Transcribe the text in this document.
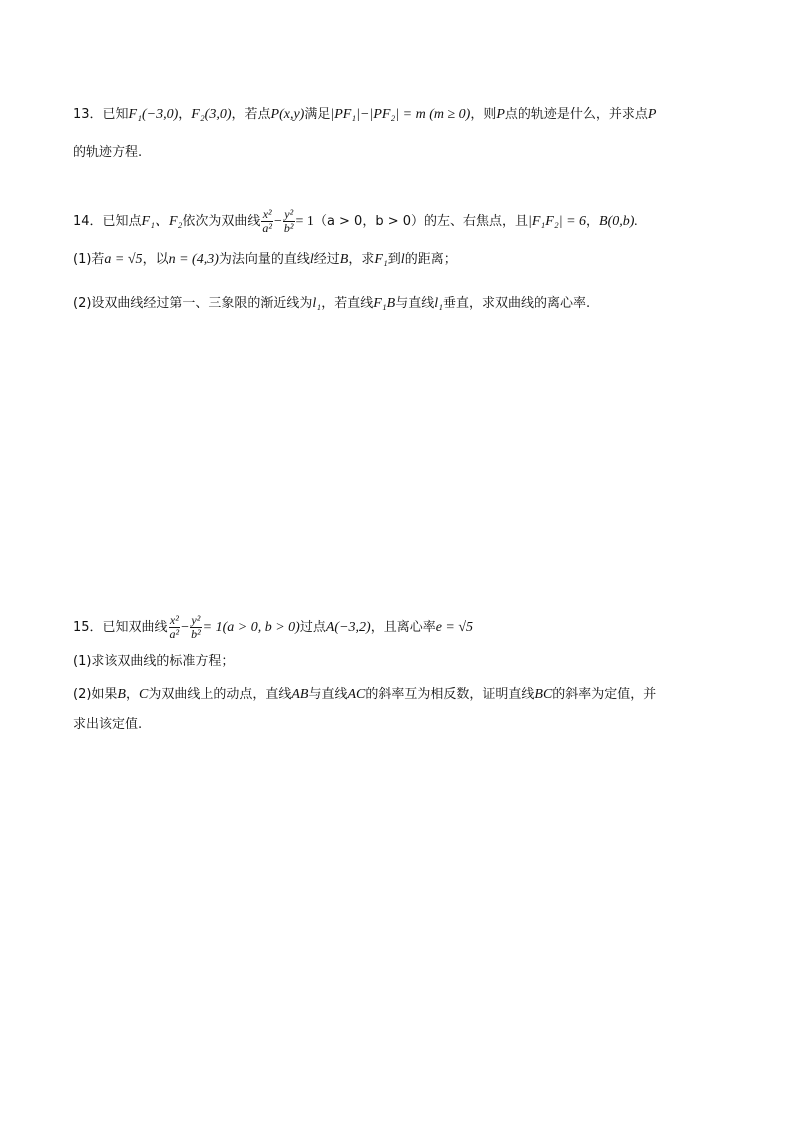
13．已知F₁(−3,0)，F₂(3,0)，若点P(x,y)满足|PF₁|−|PF₂| = m (m ≥ 0)，则P点的轨迹是什么，并求点P
的轨迹方程.
14．已知点F₁、F₂依次为双曲线 $\frac{\text{x²}}{\text{a²}} - \frac{\text{y²}}{\text{b²}} = 1(a > 0$，b > 0）的左、右焦点，且|F₁F₂| = 6，B(0,b).
(1)若a = √5，以n = (4,3)为法向量的直线l经过B，求F₁到l的距离；
(2)设双曲线经过第一、三象限的渐近线为l₁，若直线F₁B与直线l₁垂直，求双曲线的离心率.
15．已知双曲线 $\frac{\text{x²}}{\text{a²}} - \frac{\text{y²}}{\text{b²}} = 1(a > 0$, b > 0)过点A(−3,2)，且离心率e = √5
(1)求该双曲线的标准方程；
(2)如果B，C为双曲线上的动点，直线AB与直线AC的斜率互为相反数，证明直线BC的斜率为定值，并
求出该定值.
